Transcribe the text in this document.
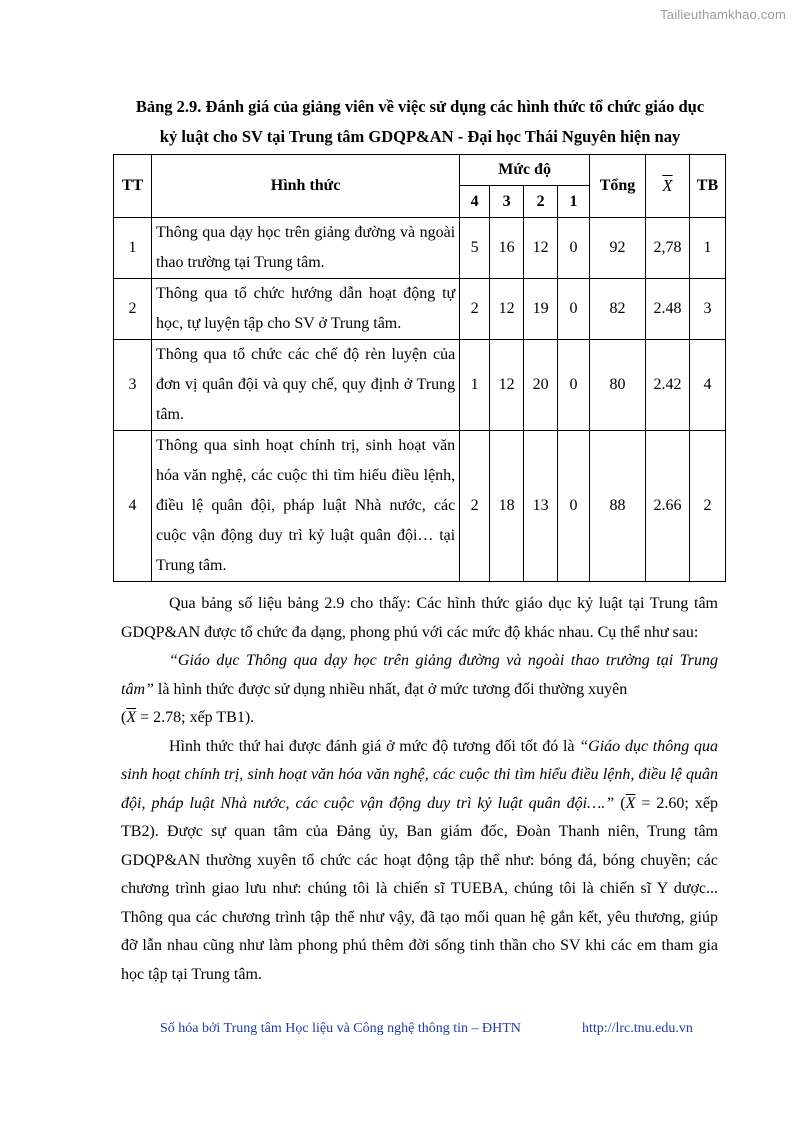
Tailieuthamkhao.com
Bảng 2.9. Đánh giá của giảng viên về việc sử dụng các hình thức tổ chức giáo dục
kỷ luật cho SV tại Trung tâm GDQP&AN - Đại học Thái Nguyên hiện nay
TT	Hình thức	Mức độ				Tổng	$\overline{X}$	TB
		4	3	2	1			
1	Thông qua dạy học trên giảng đường và ngoài thao trường tại Trung tâm.	5	16	12	0	92	2,78	1
2	Thông qua tổ chức hướng dẫn hoạt động tự học, tự luyện tập cho SV ở Trung tâm.	2	12	19	0	82	2.48	3
3	Thông qua tổ chức các chế độ rèn luyện của đơn vị quân đội và quy chế, quy định ở Trung tâm.	1	12	20	0	80	2.42	4
4	Thông qua sinh hoạt chính trị, sinh hoạt văn hóa văn nghệ, các cuộc thi tìm hiểu điều lệnh, điều lệ quân đội, pháp luật Nhà nước, các cuộc vận động duy trì kỷ luật quân đội… tại Trung tâm.	2	18	13	0	88	2.66	2

Qua bảng số liệu bảng 2.9 cho thấy: Các hình thức giáo dục kỷ luật tại Trung tâm GDQP&AN được tổ chức đa dạng, phong phú với các mức độ khác nhau. Cụ thể như sau:

“Giáo dục Thông qua dạy học trên giảng đường và ngoài thao trường tại Trung tâm” là hình thức được sử dụng nhiều nhất, đạt ở mức tương đối thường xuyên
($\overline{X} = 2.78$; xếp TB1).

Hình thức thứ hai được đánh giá ở mức độ tương đối tốt đó là “Giáo dục thông qua sinh hoạt chính trị, sinh hoạt văn hóa văn nghệ, các cuộc thi tìm hiểu điều lệnh, điều lệ quân đội, pháp luật Nhà nước, các cuộc vận động duy trì kỷ luật quân đội….” ($\overline{X} = 2.60$; xếp TB2). Được sự quan tâm của Đảng ủy, Ban giám đốc, Đoàn Thanh niên, Trung tâm GDQP&AN thường xuyên tổ chức các hoạt động tập thể như: bóng đá, bóng chuyền; các chương trình giao lưu như: chúng tôi là chiến sĩ TUEBA, chúng tôi là chiến sĩ Y dược... Thông qua các chương trình tập thể như vậy, đã tạo mối quan hệ gắn kết, yêu thương, giúp đỡ lẫn nhau cũng như làm phong phú thêm đời sống tinh thần cho SV khi các em tham gia học tập tại Trung tâm.

Số hóa bởi Trung tâm Học liệu và Công nghệ thông tin – ĐHTN	http://lrc.tnu.edu.vn
